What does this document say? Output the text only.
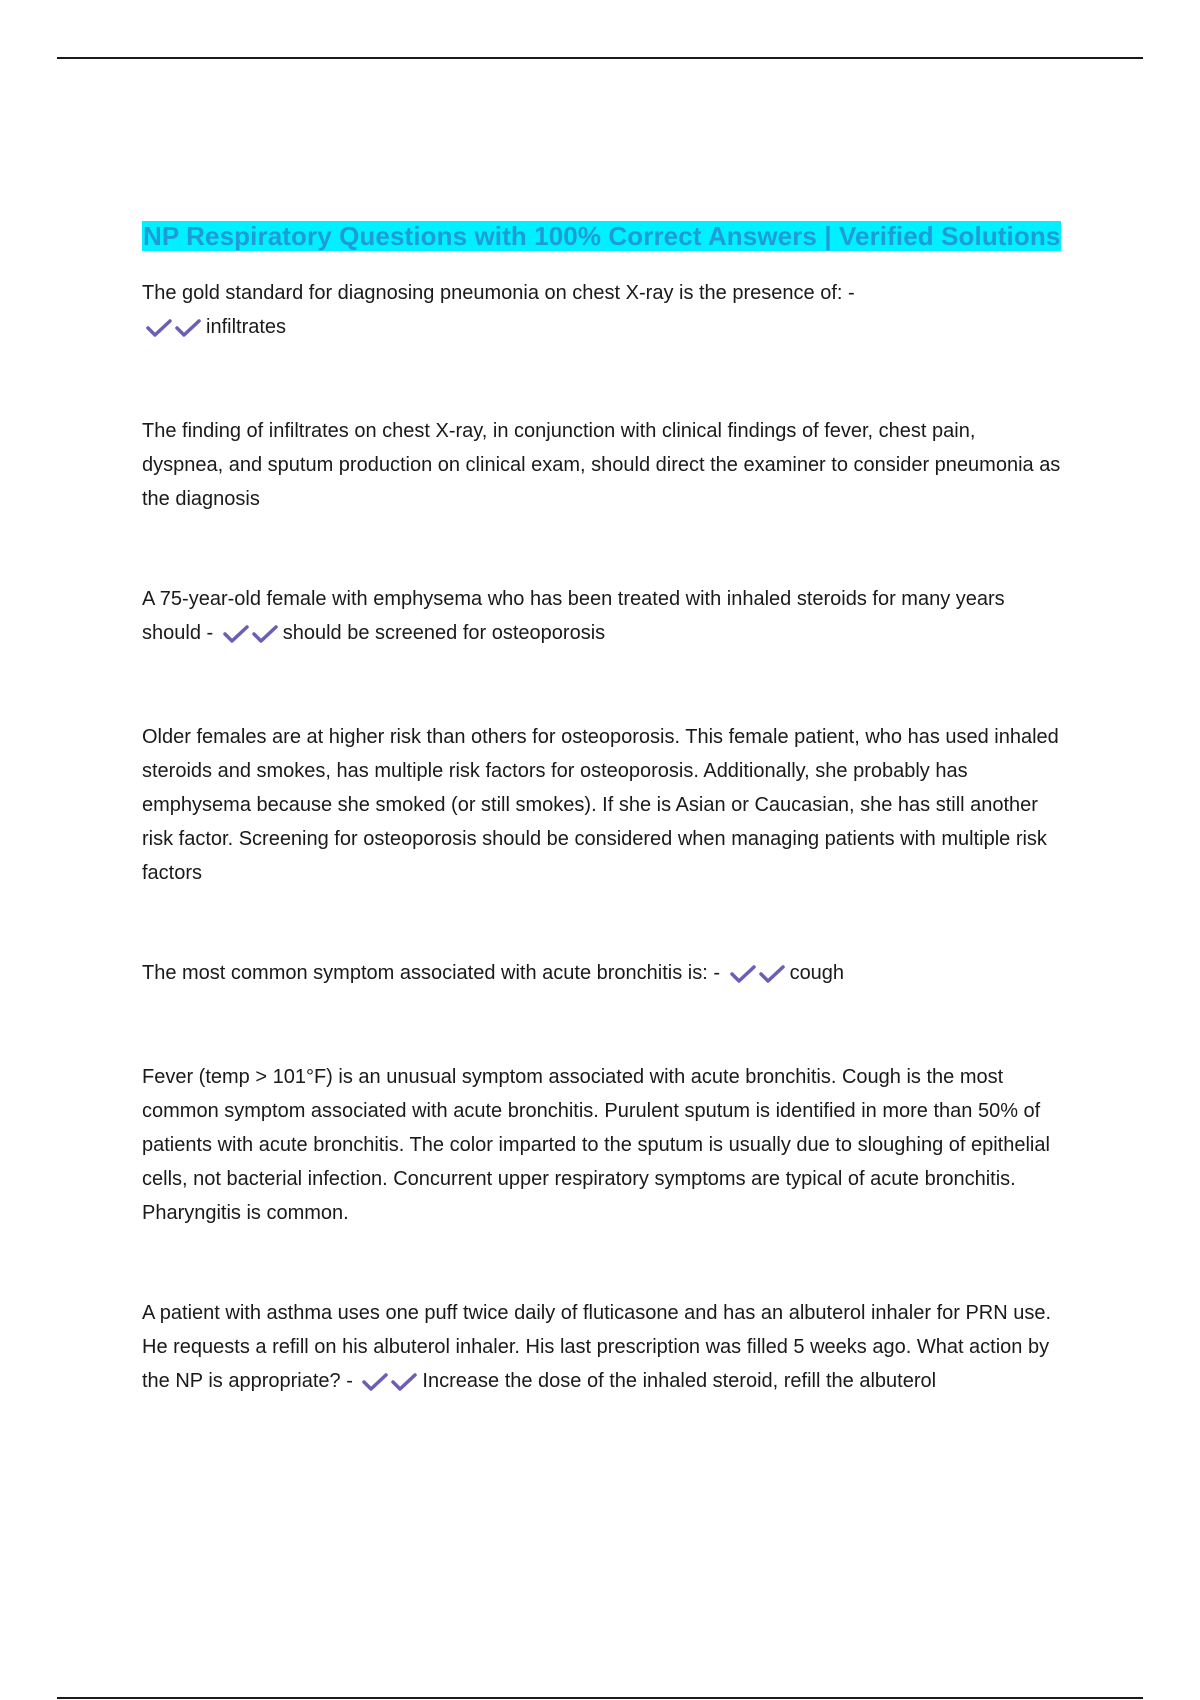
NP Respiratory Questions with 100% Correct Answers | Verified Solutions

The gold standard for diagnosing pneumonia on chest X-ray is the presence of: -
infiltrates

The finding of infiltrates on chest X-ray, in conjunction with clinical findings of fever, chest pain, dyspnea, and sputum production on clinical exam, should direct the examiner to consider pneumonia as the diagnosis

A 75-year-old female with emphysema who has been treated with inhaled steroids for many years should -	should be screened for osteoporosis

Older females are at higher risk than others for osteoporosis. This female patient, who has used inhaled steroids and smokes, has multiple risk factors for osteoporosis. Additionally, she probably has emphysema because she smoked (or still smokes). If she is Asian or Caucasian, she has still another risk factor. Screening for osteoporosis should be considered when managing patients with multiple risk factors

The most common symptom associated with acute bronchitis is: -	cough

Fever (temp > 101°F) is an unusual symptom associated with acute bronchitis. Cough is the most common symptom associated with acute bronchitis. Purulent sputum is identified in more than 50% of patients with acute bronchitis. The color imparted to the sputum is usually due to sloughing of epithelial cells, not bacterial infection. Concurrent upper respiratory symptoms are typical of acute bronchitis. Pharyngitis is common.

A patient with asthma uses one puff twice daily of fluticasone and has an albuterol inhaler for PRN use. He requests a refill on his albuterol inhaler. His last prescription was filled 5 weeks ago. What action by the NP is appropriate? -	Increase the dose of the inhaled steroid, refill the albuterol
